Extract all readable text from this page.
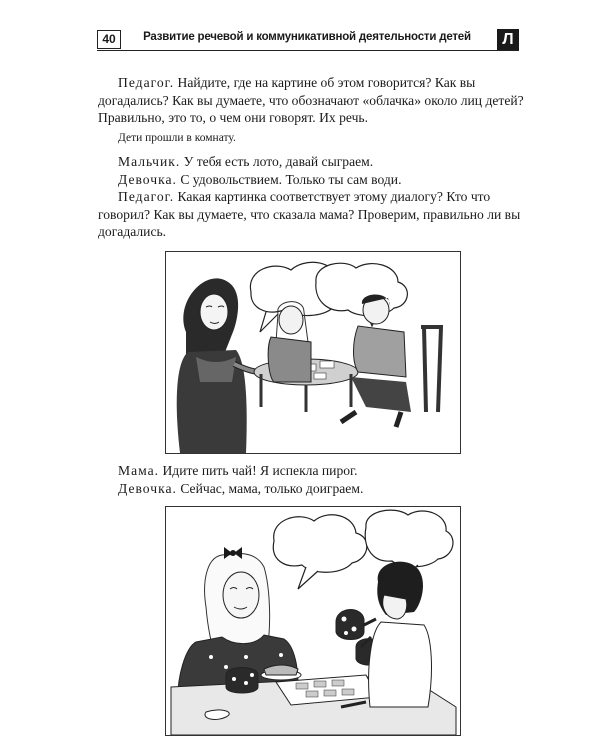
40	Развитие речевой и коммуникативной деятельности детей	Л

Педагог. Найдите, где на картине об этом говорится? Как вы догадались? Как вы думаете, что обозначают «облачка» около лиц детей? Правильно, это то, о чем они говорят. Их речь.

Дети прошли в комнату.

Мальчик. У тебя есть лото, давай сыграем.

Девочка. С удовольствием. Только ты сам води.

Педагог. Какая картинка соответствует этому диалогу? Кто что говорил? Как вы думаете, что сказала мама? Проверим, правильно ли вы догадались.

Мама. Идите пить чай! Я испекла пирог.

Девочка. Сейчас, мама, только доиграем.
